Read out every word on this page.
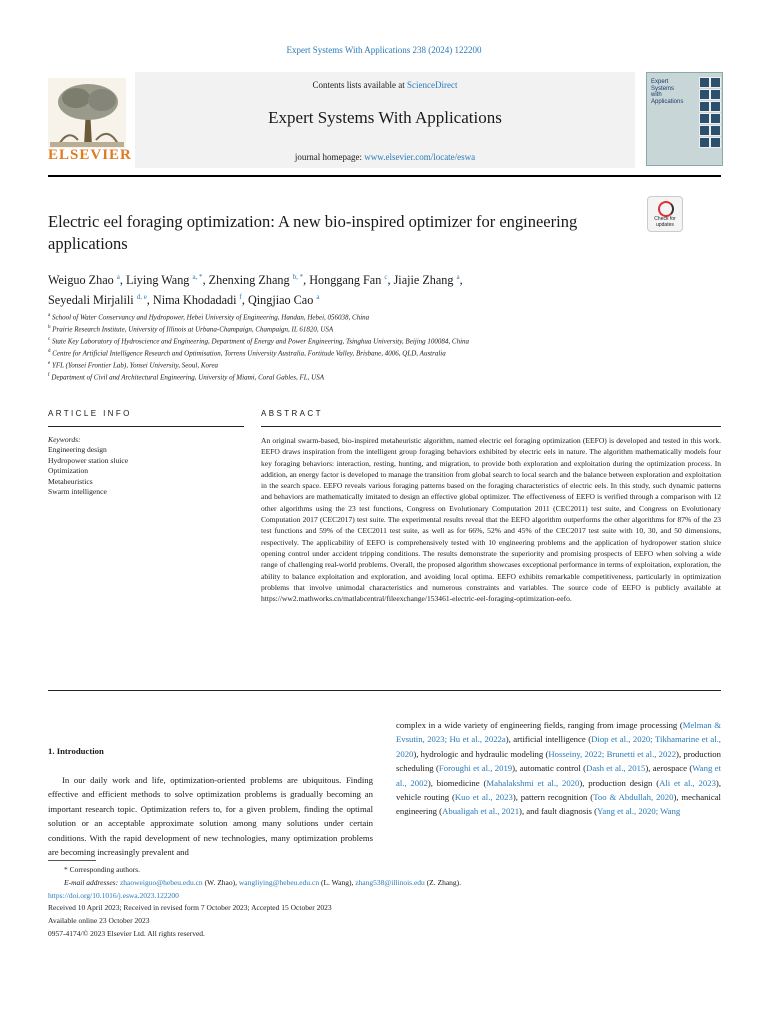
Expert Systems With Applications 238 (2024) 122200
ELSEVIER
Contents lists available at ScienceDirect
Expert Systems With Applications
journal homepage: www.elsevier.com/locate/eswa
Expert
Systems
with
Applications
Electric eel foraging optimization: A new bio-inspired optimizer for engineering applications
Check for updates
Weiguo Zhao $^a$, Liying Wang $^{a, *}$, Zhenxing Zhang $^{b, *}$, Honggang Fan $^c$, Jiajie Zhang $^a$,
Seyedali Mirjalili $^{d, e}$, Nima Khodadadi $^f$, Qingjiao Cao $^a$
$^a$ School of Water Conservancy and Hydropower, Hebei University of Engineering, Handan, Hebei, 056038, China
$^b$ Prairie Research Institute, University of Illinois at Urbana-Champaign, Champaign, IL 61820, USA
$^c$ State Key Laboratory of Hydroscience and Engineering, Department of Energy and Power Engineering, Tsinghua University, Beijing 100084, China
$^d$ Centre for Artificial Intelligence Research and Optimisation, Torrens University Australia, Fortitude Valley, Brisbane, 4006, QLD, Australia
$^e$ YFL (Yonsei Frontier Lab), Yonsei University, Seoul, Korea
$^f$ Department of Civil and Architectural Engineering, University of Miami, Coral Gables, FL, USA
ARTICLE INFO	ABSTRACT
Keywords:
Engineering design
Hydropower station sluice
Optimization
Metaheuristics
Swarm intelligence
An original swarm-based, bio-inspired metaheuristic algorithm, named electric eel foraging optimization (EEFO) is developed and tested in this work. EEFO draws inspiration from the intelligent group foraging behaviors exhibited by electric eels in nature. The algorithm mathematically models four key foraging behaviors: interaction, resting, hunting, and migration, to provide both exploration and exploitation during the optimization process. In addition, an energy factor is developed to manage the transition from global search to local search and the balance between exploration and exploitation in the search space. EEFO reveals various foraging patterns based on the foraging characteristics of electric eels. In this study, such dynamic patterns and behaviors are mathematically imitated to design an effective global optimizer. The effectiveness of EEFO is verified through a comparison with 12 other algorithms using the 23 test functions, Congress on Evolutionary Computation 2011 (CEC2011) test suite, and Congress on Evolutionary Computation 2017 (CEC2017) test suite. The experimental results reveal that the EEFO algorithm outperforms the other algorithms for 87% of the 23 test functions and 59% of the CEC2011 test suite, as well as for 66%, 52% and 45% of the CEC2017 test suite with 10, 30, and 50 dimensions, respectively. The applicability of EEFO is comprehensively tested with 10 engineering problems and the application of hydropower station sluice opening control under accident tripping conditions. The results demonstrate the superiority and promising prospects of EEFO when solving a wide range of challenging real-world problems. Overall, the proposed algorithm showcases exceptional performance in terms of exploitation, exploration, the ability to balance exploitation and exploration, and avoiding local optima. EEFO exhibits remarkable competitiveness, particularly in optimization problems that involve unimodal characteristics and numerous constraints and variables. The source code of EEFO is publicly available at https://ww2.mathworks.cn/matlabcentral/fileexchange/153461-electric-eel-foraging-optimization-eefo.
1. Introduction
In our daily work and life, optimization-oriented problems are ubiquitous. Finding effective and efficient methods to solve optimization problems is gradually becoming an important research topic. Optimization refers to, for a given problem, finding the optimal solution or an acceptable approximate solution among many solutions under certain conditions. With the rapid development of new technologies, many optimization problems are becoming increasingly prevalent and
complex in a wide variety of engineering fields, ranging from image processing (Melman & Evsutin, 2023; Hu et al., 2022a), artificial intelligence (Diop et al., 2020; Tikhamarine et al., 2020), hydrologic and hydraulic modeling (Hosseiny, 2022; Brunetti et al., 2022), production scheduling (Foroughi et al., 2019), automatic control (Dash et al., 2015), aerospace (Wang et al., 2002), biomedicine (Mahalakshmi et al., 2020), production design (Ali et al., 2023), vehicle routing (Kuo et al., 2023), pattern recognition (Too & Abdullah, 2020), mechanical engineering (Abualigah et al., 2021), and fault diagnosis (Yang et al., 2020; Wang
* Corresponding authors.
E-mail addresses: zhaoweiguo@hebeu.edu.cn (W. Zhao), wangliying@hebeu.edu.cn (L. Wang), zhang538@illinois.edu (Z. Zhang).
https://doi.org/10.1016/j.eswa.2023.122200
Received 10 April 2023; Received in revised form 7 October 2023; Accepted 15 October 2023
Available online 23 October 2023
0957-4174/© 2023 Elsevier Ltd. All rights reserved.
